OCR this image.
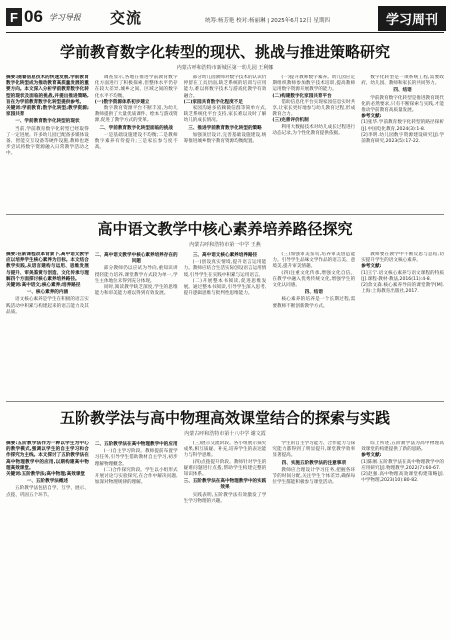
F 06 学习导报 交流	统筹:杨芳艳 校对:杨丽琳 | 2025年6月12日 星期四	学习周刊
学前教育数字化转型的现状、挑战与推进策略研究
内蒙古呼和浩特市新城区第一幼儿园 王利娜
摘要:随着信息技术的快速发展,学前教育数字化转型成为推动教育高质量发展的重要方向。本文深入分析学前教育数字化转型的现状及面临的挑战,并提出推进策略,旨在为学前教育数字化转型提供参考。
关键词:学前教育;数字化转型;教学资源;家园共育
一、学前教育数字化转型的现状

当前,学前教育数字化转型已经取得了一定进展。许多幼儿园已配备多媒体设备、智能交互设备等硬件设施,教师也逐步尝试将数字资源融入日常教学活动之中。

调查显示,各地在推进学前教育数字化方面进行了积极探索,但整体水平仍存在较大差异,城乡之间、区域之间的数字化水平不均衡。

(一)数字资源体系初步建立

数字教育资源平台不断丰富,为幼儿教师提供了大量优质课件、绘本与游戏资源,促进了教学方式的变革。

二、学前教育数字化转型面临的挑战

一是基础设施建设不均衡;二是教师数字素养有待提升;三是家长参与度不高。

部分幼儿园教师对数字技术的认识仍停留在工具层面,缺乏系统的培训与应用能力,难以将数字技术与游戏化教学有效融合。

(二)家园共育数字化程度不足

家园沟通多依赖微信群等简单方式,缺乏系统化平台支持,家长难以及时了解幼儿的成长情况。

三、推进学前教育数字化转型的策略

加强顶层设计,完善基础设施建设,统筹推进城乡数字教育资源均衡配置。

(一)提升教师数字素养。幼儿园应定期组织教师参加数字技术培训,提高教师运用数字资源开展教学的能力。

(二)构建数字化家园共育平台

借助信息化平台实现家园信息实时共享,让家长更好地参与幼儿教育过程,形成教育合力。

(三)完善评价机制

利用大数据技术对幼儿成长过程进行动态记录,为个性化教育提供依据。

数字化转型是一项系统工程,需要政府、幼儿园、教师和家长的共同努力。

四、结语

学前教育数字化转型是推进教育现代化的必然要求,只有不断探索与实践,才能推动学前教育高质量发展。

参考文献:
[1]张华.学前教育数字化转型的路径探析[J].中国电化教育,2024(3):1-8.
[2]李明.幼儿园数字资源建设研究[J].学前教育研究,2023(5):17-22.
高中语文教学中核心素养培养路径探究
内蒙古呼和浩特市第一中学 王燕
摘要:在新课程改革背景下,高中语文教学应以培养学生核心素养为目标。本文结合教学实践,从语言建构与运用、思维发展与提升、审美鉴赏与创造、文化传承与理解四个方面探讨核心素养培养路径。
关键词:高中语文;核心素养;培养路径
一、核心素养的内涵

语文核心素养是学生在积极的语言实践活动中积累与构建起来的语言能力及其品质。

二、高中语文教学中核心素养培养存在的问题

部分教师仍以应试为导向,重知识讲授轻能力培养,课堂教学方式较为单一,学生主体地位未得到充分体现。

同时,阅读教学缺乏深度,学生的思维能力和审美能力难以得到有效发展。

三、高中语文核心素养培养路径

(一)创设真实情境,提升语言运用能力。教师应结合生活实际创设语言运用情境,引导学生在实践中积累与运用语言。

(二)开展整本书阅读,促进思维发展。通过整本书阅读,引导学生深入思考,提升逻辑思维与批判性思维能力。

(三)加强审美鉴赏,培养审美创造能力。引导学生品味文学作品的语言美、意境美,提升审美情趣。

(四)注重文化传承,增强文化自信。在教学中融入优秀传统文化,增强学生的文化认同感。

四、结语

核心素养的培养是一个长期过程,需要教师不断创新教学方式。

教师要在教学中不断反思与总结,切实提升学生的语文核心素养。

参考文献:
[1]王宁.语文核心素养与语文课程的特质[J].课程·教材·教法,2016(11):4-8.
[2]余文森.核心素养导向的课堂教学[M].上海:上海教育出版社,2017.
五阶教学法与高中物理高效课堂结合的探索与实践
内蒙古呼和浩特市第十八中学 谢文霞
摘要:五阶教学法作为一种以学生为中心的教学模式,强调以学生的自主学习和合作探究为主线。本文探讨了五阶教学法在高中物理教学中的应用,以期构建高中物理高效课堂。
关键词:五阶教学法;高中物理;高效课堂
一、五阶教学法概述

五阶教学法包括自学、互学、展示、点拨、巩固五个环节。

二、五阶教学法在高中物理教学中的应用

(一)自主学习阶段。教师提前布置学习任务,引导学生借助教材自主学习,初步理解物理概念。

(二)合作探究阶段。学生以小组形式开展讨论与实验探究,在合作中解决问题,加深对物理规律的理解。

(三)展示交流阶段。各小组展示探究成果,相互质疑、补充,培养学生的表达能力与科学思维。

(四)点拨提升阶段。教师针对学生的疑难问题进行点拨,帮助学生构建完整的知识体系。

三、五阶教学法在高中物理教学中的实践效果

实践表明,五阶教学法有效激发了学生学习物理的兴趣。

学生的自主学习能力、合作能力与探究能力都得到了明显提升,课堂教学效率显著提高。

四、实施五阶教学法的注意事项

教师应合理设计学习任务,把握各环节的时间分配,关注学生个体差异,确保每位学生都能积极参与课堂活动。

综上所述,五阶教学法为高中物理高效课堂的构建提供了新的思路。

参考文献:
[1]陈刚.五阶教学法在高中物理教学中的应用研究[J].物理教学,2022(7):60-67.
[2]赵强.高中物理高效课堂构建策略[J].中学物理,2023(10):80-82.
